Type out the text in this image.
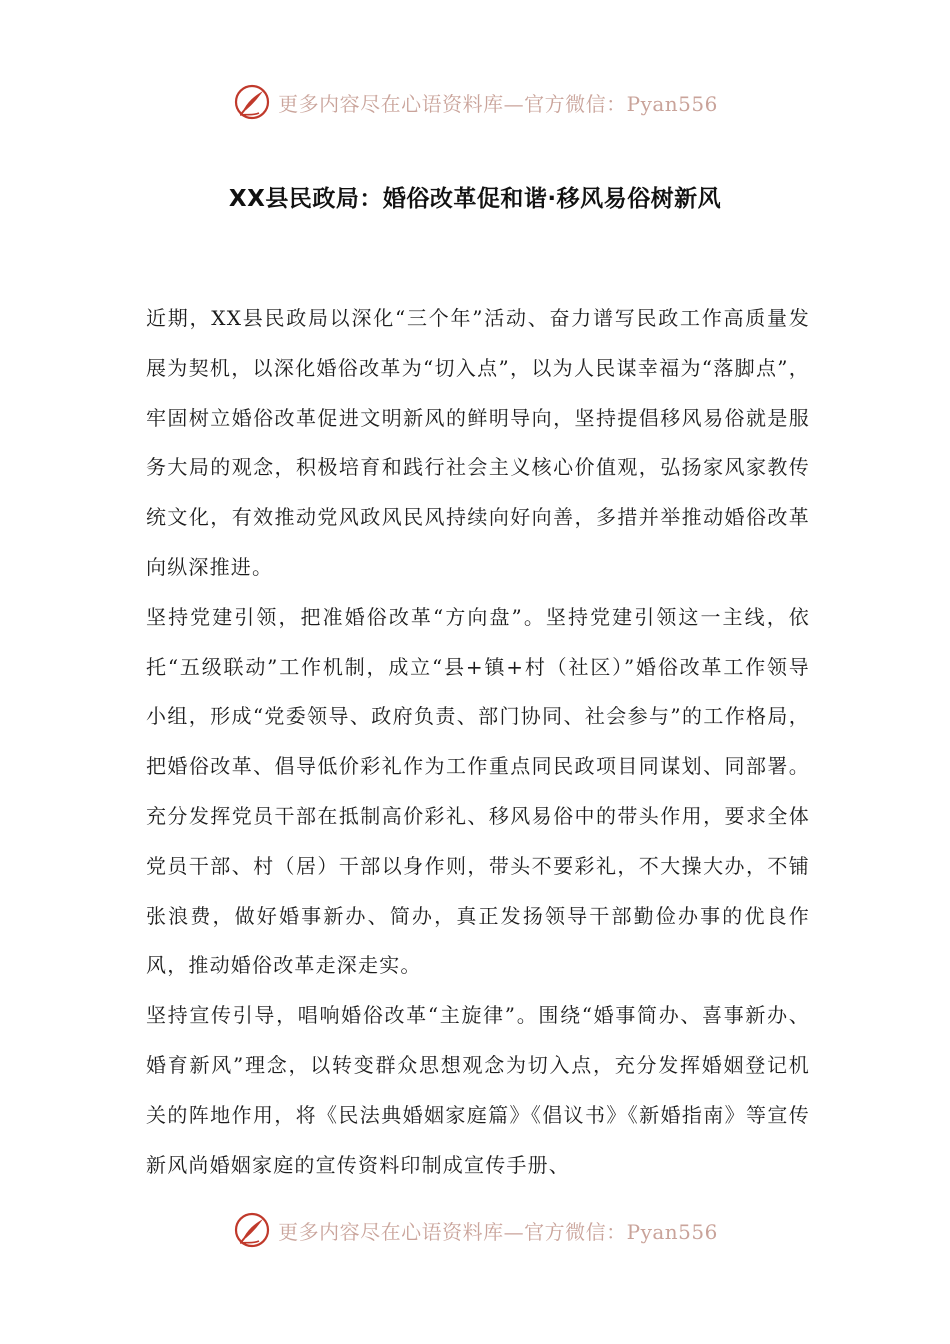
更多内容尽在心语资料库—官方微信：Pyan556
XX县民政局：婚俗改革促和谐·移风易俗树新风

近期，XX县民政局以深化“三个年”活动、奋力谱写民政工作高质量发展为契机，以深化婚俗改革为“切入点”，以为人民谋幸福为“落脚点”，牢固树立婚俗改革促进文明新风的鲜明导向，坚持提倡移风易俗就是服务大局的观念，积极培育和践行社会主义核心价值观，弘扬家风家教传统文化，有效推动党风政风民风持续向好向善，多措并举推动婚俗改革向纵深推进。

坚持党建引领，把准婚俗改革“方向盘”。坚持党建引领这一主线，依托“五级联动”工作机制，成立“县+镇+村（社区）”婚俗改革工作领导小组，形成“党委领导、政府负责、部门协同、社会参与”的工作格局，把婚俗改革、倡导低价彩礼作为工作重点同民政项目同谋划、同部署。充分发挥党员干部在抵制高价彩礼、移风易俗中的带头作用，要求全体党员干部、村（居）干部以身作则，带头不要彩礼，不大操大办，不铺张浪费，做好婚事新办、简办，真正发扬领导干部勤俭办事的优良作风，推动婚俗改革走深走实。

坚持宣传引导，唱响婚俗改革“主旋律”。围绕“婚事简办、喜事新办、婚育新风”理念，以转变群众思想观念为切入点，充分发挥婚姻登记机关的阵地作用，将《民法典婚姻家庭篇》《倡议书》《新婚指南》等宣传新风尚婚姻家庭的宣传资料印制成宣传手册、

更多内容尽在心语资料库—官方微信：Pyan556
